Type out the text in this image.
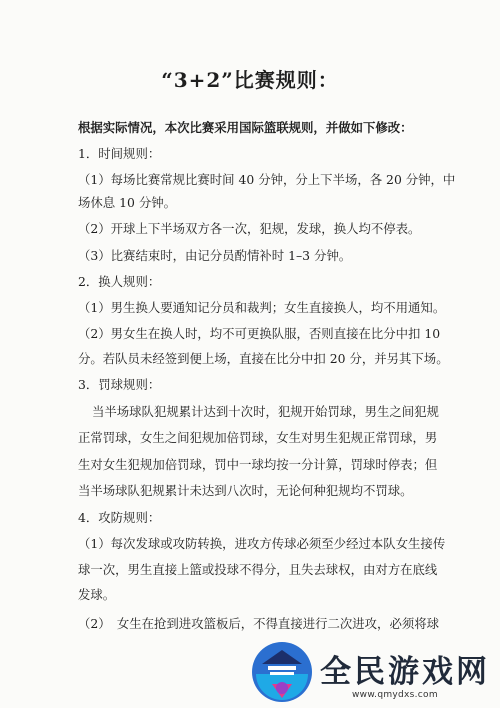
“3+2”比赛规则：
根据实际情况，本次比赛采用国际篮联规则，并做如下修改：
1．时间规则：
（1）每场比赛常规比赛时间 40 分钟，分上下半场，各 20 分钟，中
场休息 10 分钟。
（2）开球上下半场双方各一次，犯规，发球，换人均不停表。
（3）比赛结束时，由记分员酌情补时 1–3 分钟。
2．换人规则：
（1）男生换人要通知记分员和裁判；女生直接换人，均不用通知。
（2）男女生在换人时，均不可更换队服，否则直接在比分中扣 10
分。若队员未经签到便上场，直接在比分中扣 20 分，并另其下场。
3．罚球规则：
当半场球队犯规累计达到十次时，犯规开始罚球，男生之间犯规
正常罚球，女生之间犯规加倍罚球，女生对男生犯规正常罚球，男
生对女生犯规加倍罚球，罚中一球均按一分计算，罚球时停表；但
当半场球队犯规累计未达到八次时，无论何种犯规均不罚球。
4．攻防规则：
（1）每次发球或攻防转换，进攻方传球必须至少经过本队女生接传
球一次，男生直接上篮或投球不得分，且失去球权，由对方在底线
发球。
（2）　女生在抢到进攻篮板后，不得直接进行二次进攻，必须将球
全民游戏网
www.qmydxs.com
